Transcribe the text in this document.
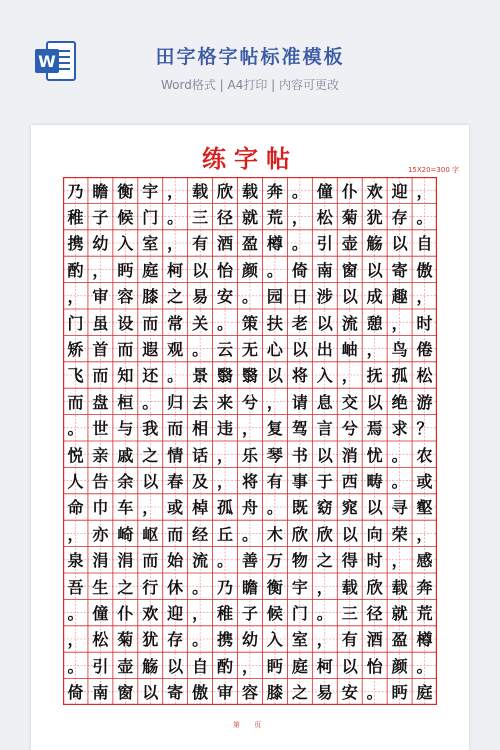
W	田字格字帖标准模板
Word格式 | A4打印 | 内容可更改
练字帖	15X20=300 字
乃 瞻 衡 宇 ， 载 欣 载 奔 。 僮 仆 欢 迎 ，
稚 子 候 门 。 三 径 就 荒 ， 松 菊 犹 存 。
携 幼 入 室 ， 有 酒 盈 樽 。 引 壶 觞 以 自
酌 ， 眄 庭 柯 以 怡 颜 。 倚 南 窗 以 寄 傲
， 审 容 膝 之 易 安 。 园 日 涉 以 成 趣 ，
门 虽 设 而 常 关 。 策 扶 老 以 流 憩 ， 时
矫 首 而 遐 观 。 云 无 心 以 出 岫 ， 鸟 倦
飞 而 知 还 。 景 翳 翳 以 将 入 ， 抚 孤 松
而 盘 桓 。 归 去 来 兮 ， 请 息 交 以 绝 游
。 世 与 我 而 相 违 ， 复 驾 言 兮 焉 求 ？
悦 亲 戚 之 情 话 ， 乐 琴 书 以 消 忧 。 农
人 告 余 以 春 及 ， 将 有 事 于 西 畴 。 或
命 巾 车 ， 或 棹 孤 舟 。 既 窈 窕 以 寻 壑
， 亦 崎 岖 而 经 丘 。 木 欣 欣 以 向 荣 ，
泉 涓 涓 而 始 流 。 善 万 物 之 得 时 ， 感
吾 生 之 行 休 。 乃 瞻 衡 宇 ， 载 欣 载 奔
。 僮 仆 欢 迎 ， 稚 子 候 门 。 三 径 就 荒
， 松 菊 犹 存 。 携 幼 入 室 ， 有 酒 盈 樽
。 引 壶 觞 以 自 酌 ， 眄 庭 柯 以 怡 颜 。
倚 南 窗 以 寄 傲 审 容 膝 之 易 安 。 眄 庭
第 页
